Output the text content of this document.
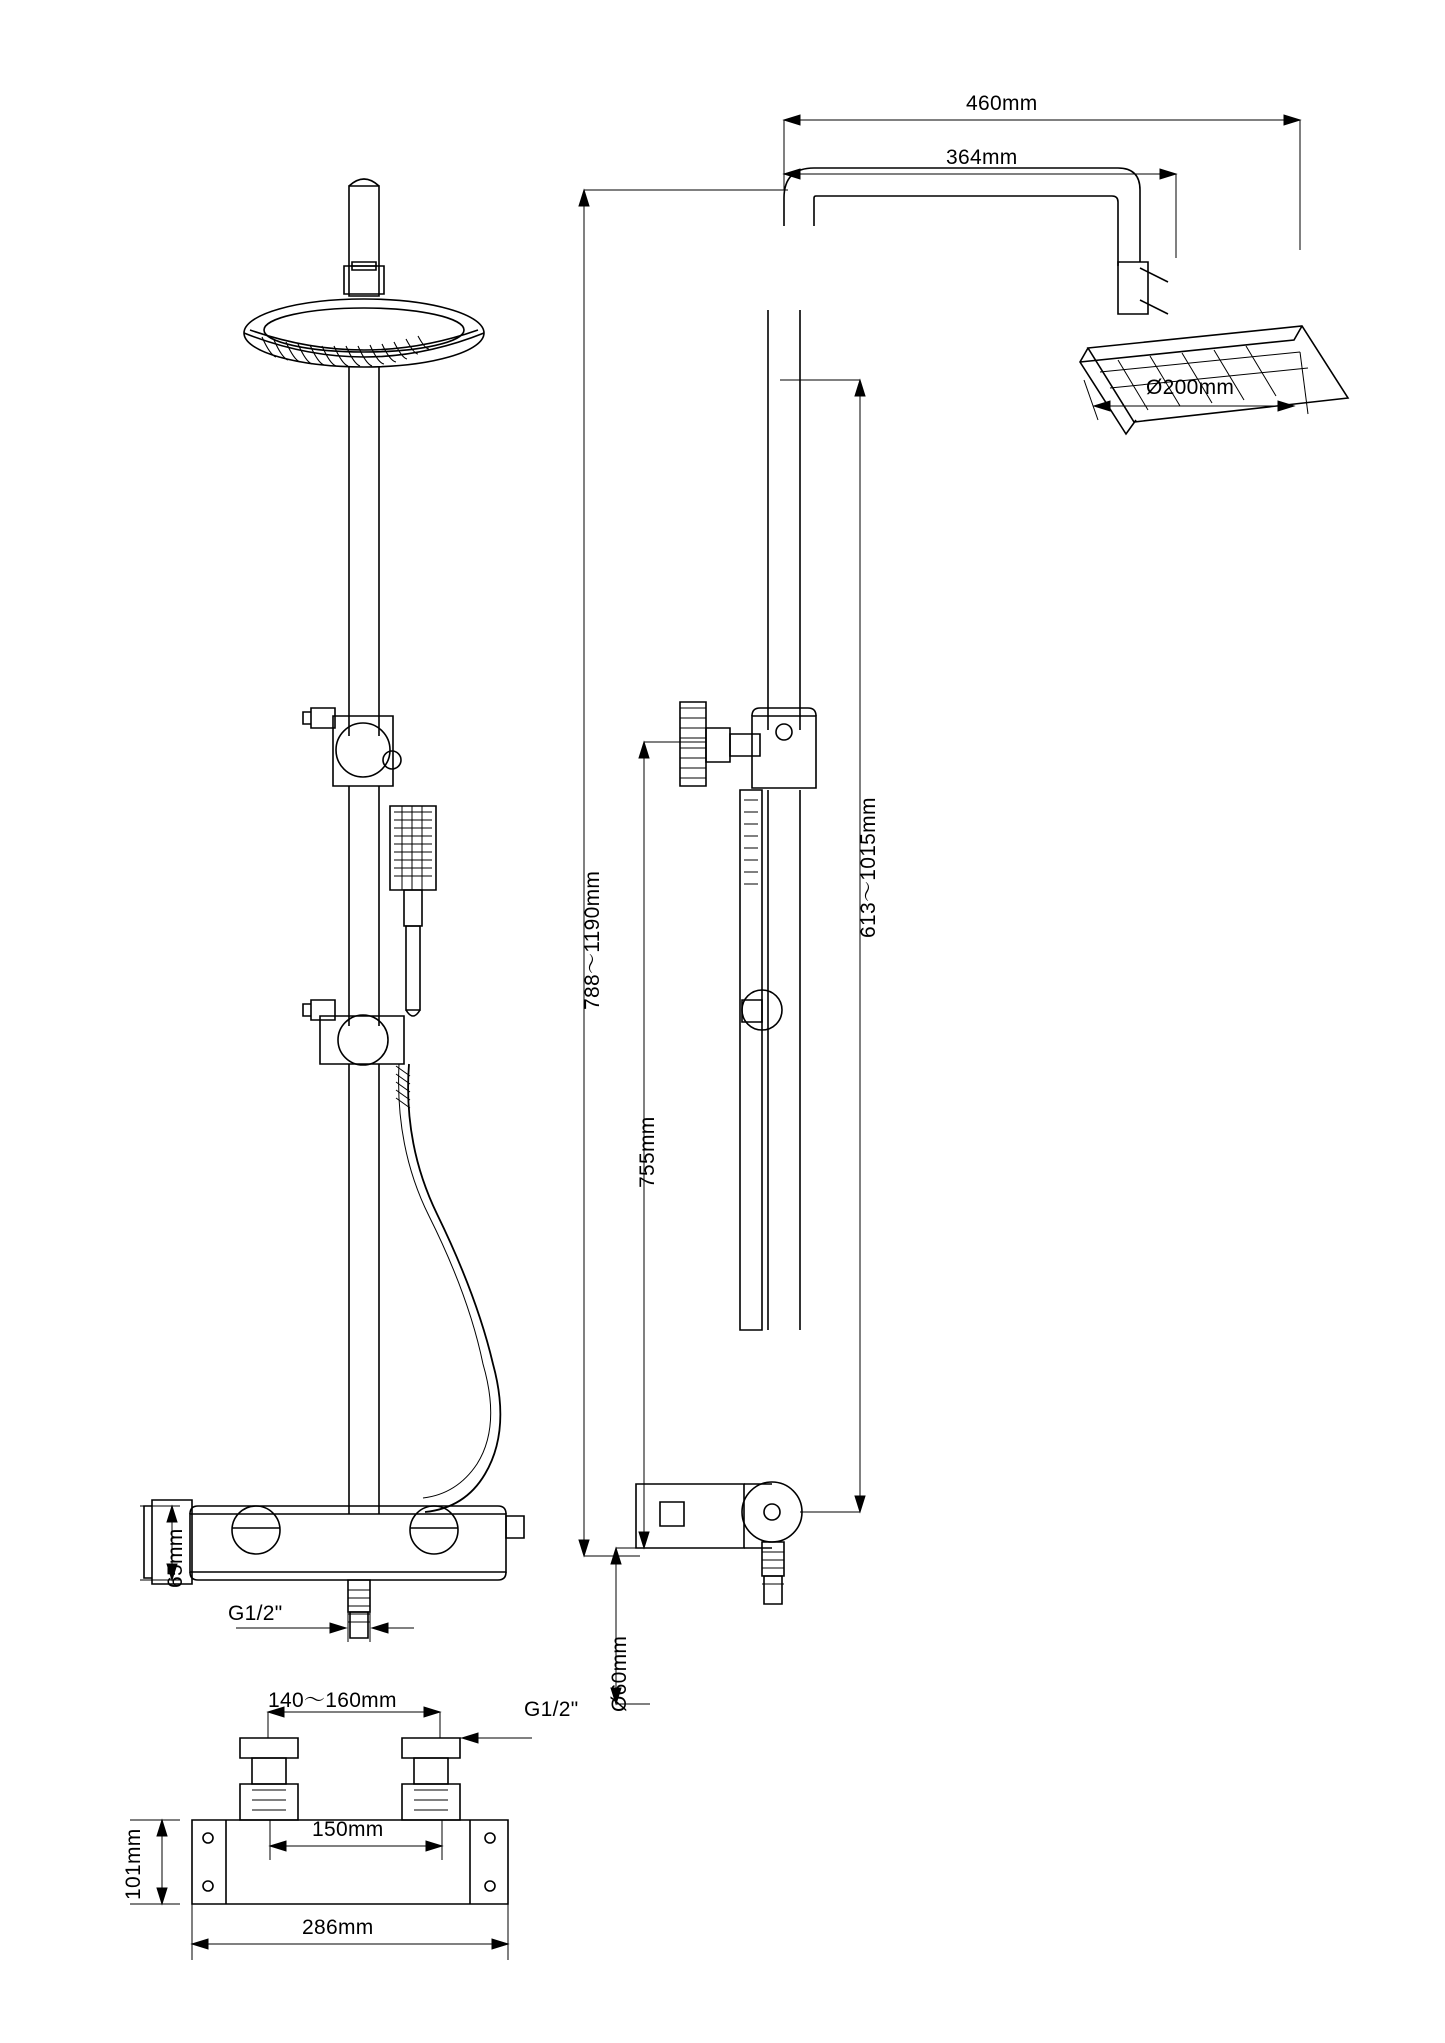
460mm
364mm
Ø200mm
788～1190mm
613～1015mm
755mm
65mm
G1/2"
Ø60mm
140～160mm	G1/2"
150mm
101mm
286mm
